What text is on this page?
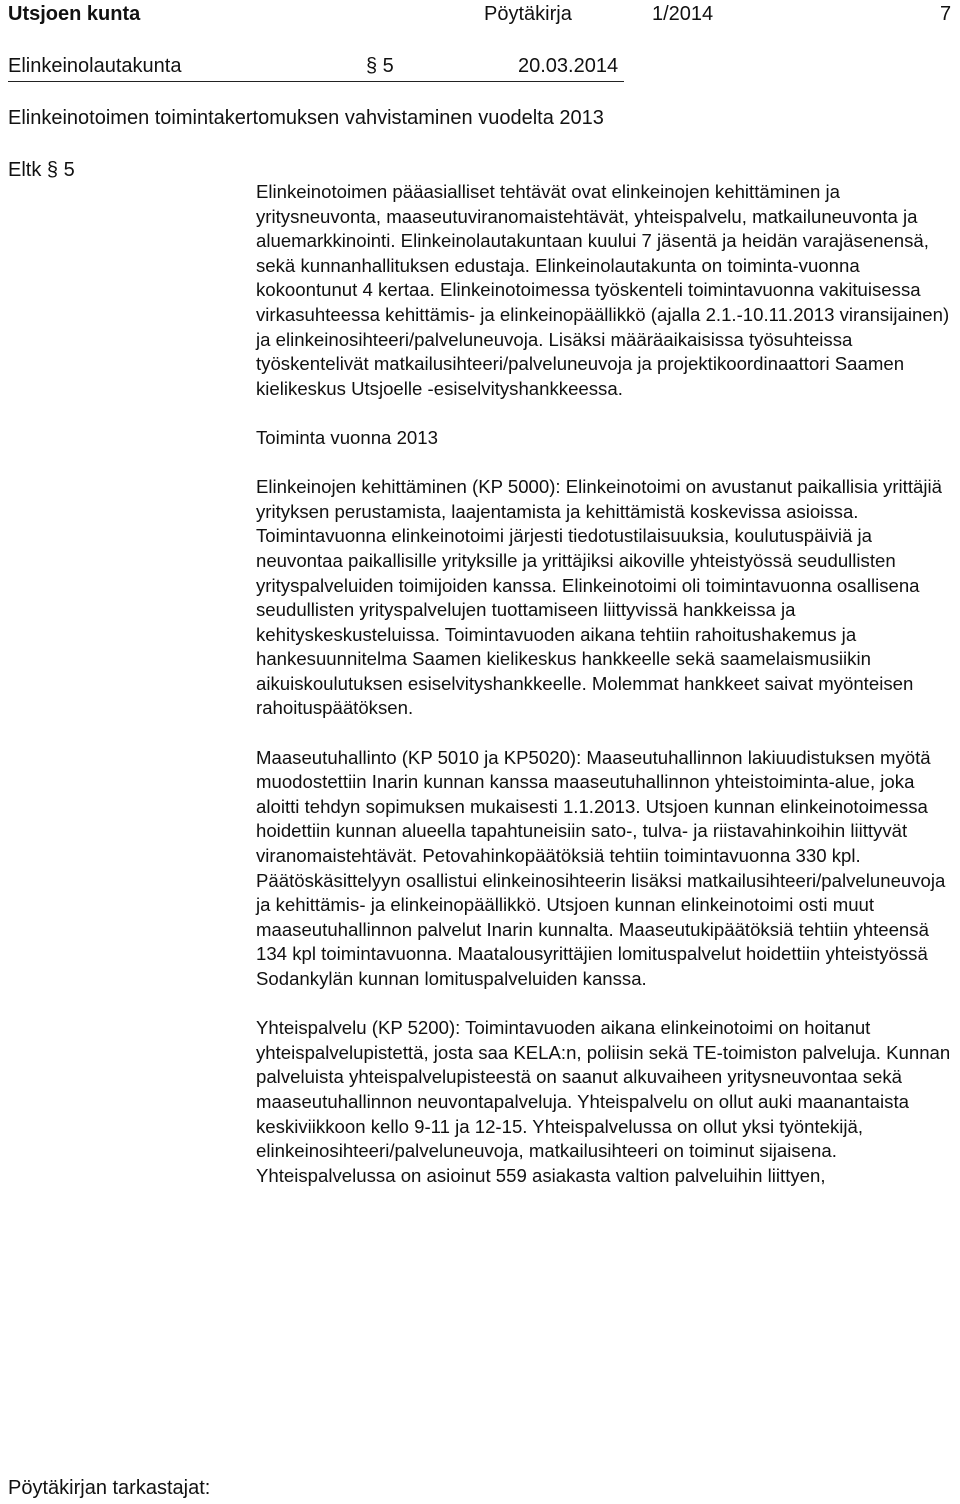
Utsjoen kunta	Pöytäkirja	1/2014	7
Elinkeinolautakunta	§ 5	20.03.2014
Elinkeinotoimen toimintakertomuksen vahvistaminen vuodelta 2013
Eltk § 5

Elinkeinotoimen pääasialliset tehtävät ovat elinkeinojen kehittäminen ja yritysneuvonta, maaseutuviranomaistehtävät, yhteispalvelu, matkailuneuvonta ja aluemarkkinointi. Elinkeinolautakuntaan kuului 7 jäsentä ja heidän varajäsenensä, sekä kunnanhallituksen edustaja. Elinkeinolautakunta on toiminta-vuonna kokoontunut 4 kertaa. Elinkeinotoimessa työskenteli toimintavuonna vakituisessa virkasuhteessa kehittämis- ja elinkeinopäällikkö (ajalla 2.1.-10.11.2013 viransijainen) ja elinkeinosihteeri/palveluneuvoja. Lisäksi määräaikaisissa työsuhteissa työskentelivät matkailusihteeri/palveluneuvoja ja projektikoordinaattori Saamen kielikeskus Utsjoelle -esiselvityshankkeessa.

Toiminta vuonna 2013

Elinkeinojen kehittäminen (KP 5000): Elinkeinotoimi on avustanut paikallisia yrittäjiä yrityksen perustamista, laajentamista ja kehittämistä koskevissa asioissa. Toimintavuonna elinkeinotoimi järjesti tiedotustilaisuuksia, koulutuspäiviä ja neuvontaa paikallisille yrityksille ja yrittäjiksi aikoville yhteistyössä seudullisten yrityspalveluiden toimijoiden kanssa. Elinkeinotoimi oli toimintavuonna osallisena seudullisten yrityspalvelujen tuottamiseen liittyvissä hankkeissa ja kehityskeskusteluissa. Toimintavuoden aikana tehtiin rahoitushakemus ja hankesuunnitelma Saamen kielikeskus hankkeelle sekä saamelaismusiikin aikuiskoulutuksen esiselvityshankkeelle. Molemmat hankkeet saivat myönteisen rahoituspäätöksen.

Maaseutuhallinto (KP 5010 ja KP5020): Maaseutuhallinnon lakiuudistuksen myötä muodostettiin Inarin kunnan kanssa maaseutuhallinnon yhteistoiminta-alue, joka aloitti tehdyn sopimuksen mukaisesti 1.1.2013. Utsjoen kunnan elinkeinotoimessa hoidettiin kunnan alueella tapahtuneisiin sato-, tulva- ja riistavahinkoihin liittyvät viranomaistehtävät. Petovahinkopäätöksiä tehtiin toimintavuonna 330 kpl. Päätöskäsittelyyn osallistui elinkeinosihteerin lisäksi matkailusihteeri/palveluneuvoja ja kehittämis- ja elinkeinopäällikkö. Utsjoen kunnan elinkeinotoimi osti muut maaseutuhallinnon palvelut Inarin kunnalta. Maaseutukipäätöksiä tehtiin yhteensä 134 kpl toimintavuonna. Maatalousyrittäjien lomituspalvelut hoidettiin yhteistyössä Sodankylän kunnan lomituspalveluiden kanssa.

Yhteispalvelu (KP 5200): Toimintavuoden aikana elinkeinotoimi on hoitanut yhteispalvelupistettä, josta saa KELA:n, poliisin sekä TE-toimiston palveluja. Kunnan palveluista yhteispalvelupisteestä on saanut alkuvaiheen yritysneuvontaa sekä maaseutuhallinnon neuvontapalveluja. Yhteispalvelu on ollut auki maanantaista keskiviikkoon kello 9-11 ja 12-15. Yhteispalvelussa on ollut yksi työntekijä, elinkeinosihteeri/palveluneuvoja, matkailusihteeri on toiminut sijaisena. Yhteispalvelussa on asioinut 559 asiakasta valtion palveluihin liittyen,

Pöytäkirjan tarkastajat:
